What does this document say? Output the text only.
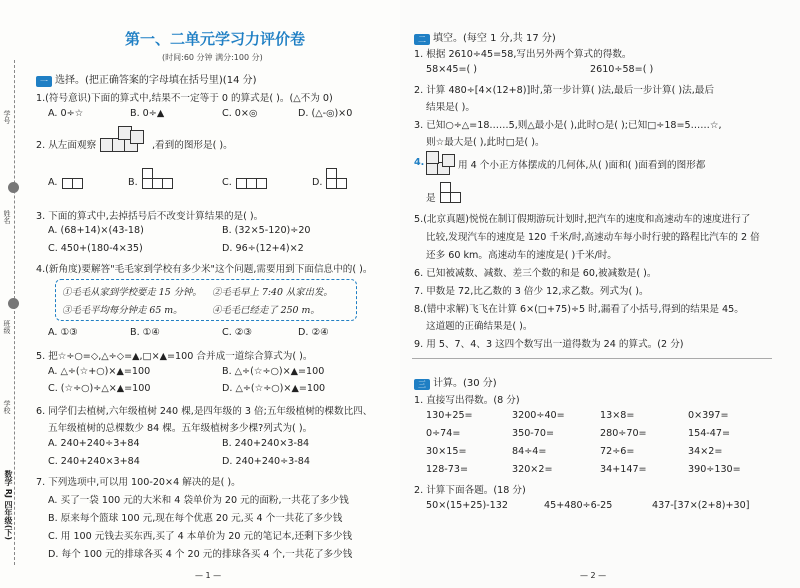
学号
姓名
班级
学校
数学 RJ 四年级(下)
第一、二单元学习力评价卷
(时间:60 分钟 满分:100 分)
一 选择。(把正确答案的字母填在括号里)(14 分)
1.(符号意识)下面的算式中,结果不一定等于 0 的算式是( )。(△不为 0)
A. 0÷☆	B. 0÷▲	C. 0×◎	D. (△-◎)×0
2. 从左面观察	,看到的图形是( )。
A.	B.	C.	D.
3. 下面的算式中,去掉括号后不改变计算结果的是( )。
A. (68+14)×(43-18)	B. (32×5-120)÷20
C. 450+(180-4×35)	D. 96÷(12+4)×2
4.(新角度)要解答"毛毛家到学校有多少米"这个问题,需要用到下面信息中的( )。
①毛毛从家到学校要走 15 分钟。 ②毛毛早上 7:40 从家出发。
③毛毛平均每分钟走 65 m。	④毛毛已经走了 250 m。
A. ①③	B. ①④	C. ②③	D. ②④
5. 把☆÷○=◇,△÷◇=▲,□×▲=100 合并成一道综合算式为( )。
A. △÷(☆+○)×▲=100	B. △÷(☆÷○)×▲=100
C. (☆÷○)÷△×▲=100	D. △÷(☆÷○)×▲=100
6. 同学们去植树,六年级植树 240 棵,是四年级的 3 倍;五年级植树的棵数比四、
五年级植树的总棵数少 84 棵。五年级植树多少棵?列式为( )。
A. 240+240÷3+84	B. 240+240×3-84
C. 240+240×3+84	D. 240+240÷3-84
7. 下列选项中,可以用 100-20×4 解决的是( )。
A. 买了一袋 100 元的大米和 4 袋单价为 20 元的面粉,一共花了多少钱
B. 原来每个篮球 100 元,现在每个优惠 20 元,买 4 个一共花了多少钱
C. 用 100 元钱去买东西,买了 4 本单价为 20 元的笔记本,还剩下多少钱
D. 每个 100 元的排球各买 4 个 20 元的排球各买 4 个,一共花了多少钱
— 1 —
二 填空。(每空 1 分,共 17 分)
1. 根据 2610÷45=58,写出另外两个算式的得数。
58×45=( )	2610÷58=( )
2. 计算 480÷[4×(12+8)]时,第一步计算( )法,最后一步计算( )法,最后
结果是( )。
3. 已知○÷△=18……5,则△最小是( ),此时○是( );已知□÷18=5……☆,
则☆最大是( ),此时□是( )。
4.	用 4 个小正方体摆成的几何体,从( )面和( )面看到的图形都
是
5.(北京真题)悦悦在制订假期游玩计划时,把汽车的速度和高速动车的速度进行了
比较,发现汽车的速度是 120 千米/时,高速动车每小时行驶的路程比汽车的 2 倍
还多 60 km。高速动车的速度是( )千米/时。
6. 已知被减数、减数、差三个数的和是 60,被减数是( )。
7. 甲数是 72,比乙数的 3 倍少 12,求乙数。列式为( )。
8.(错中求解)飞飞在计算 6×(□+75)÷5 时,漏看了小括号,得到的结果是 45。
这道题的正确结果是( )。
9. 用 5、7、4、3 这四个数写出一道得数为 24 的算式。(2 分)
三 计算。(30 分)
1. 直接写出得数。(8 分)
130+25=	3200÷40=	13×8=	0×397=
0÷74=	350-70=	280÷70=	154-47=
30×15=	84÷4=	72÷6=	34×2=
128-73=	320×2=	34+147=	390÷130=
2. 计算下面各题。(18 分)
50×(15+25)-132	45+480÷6-25	437-[37×(2+8)+30]
— 2 —
